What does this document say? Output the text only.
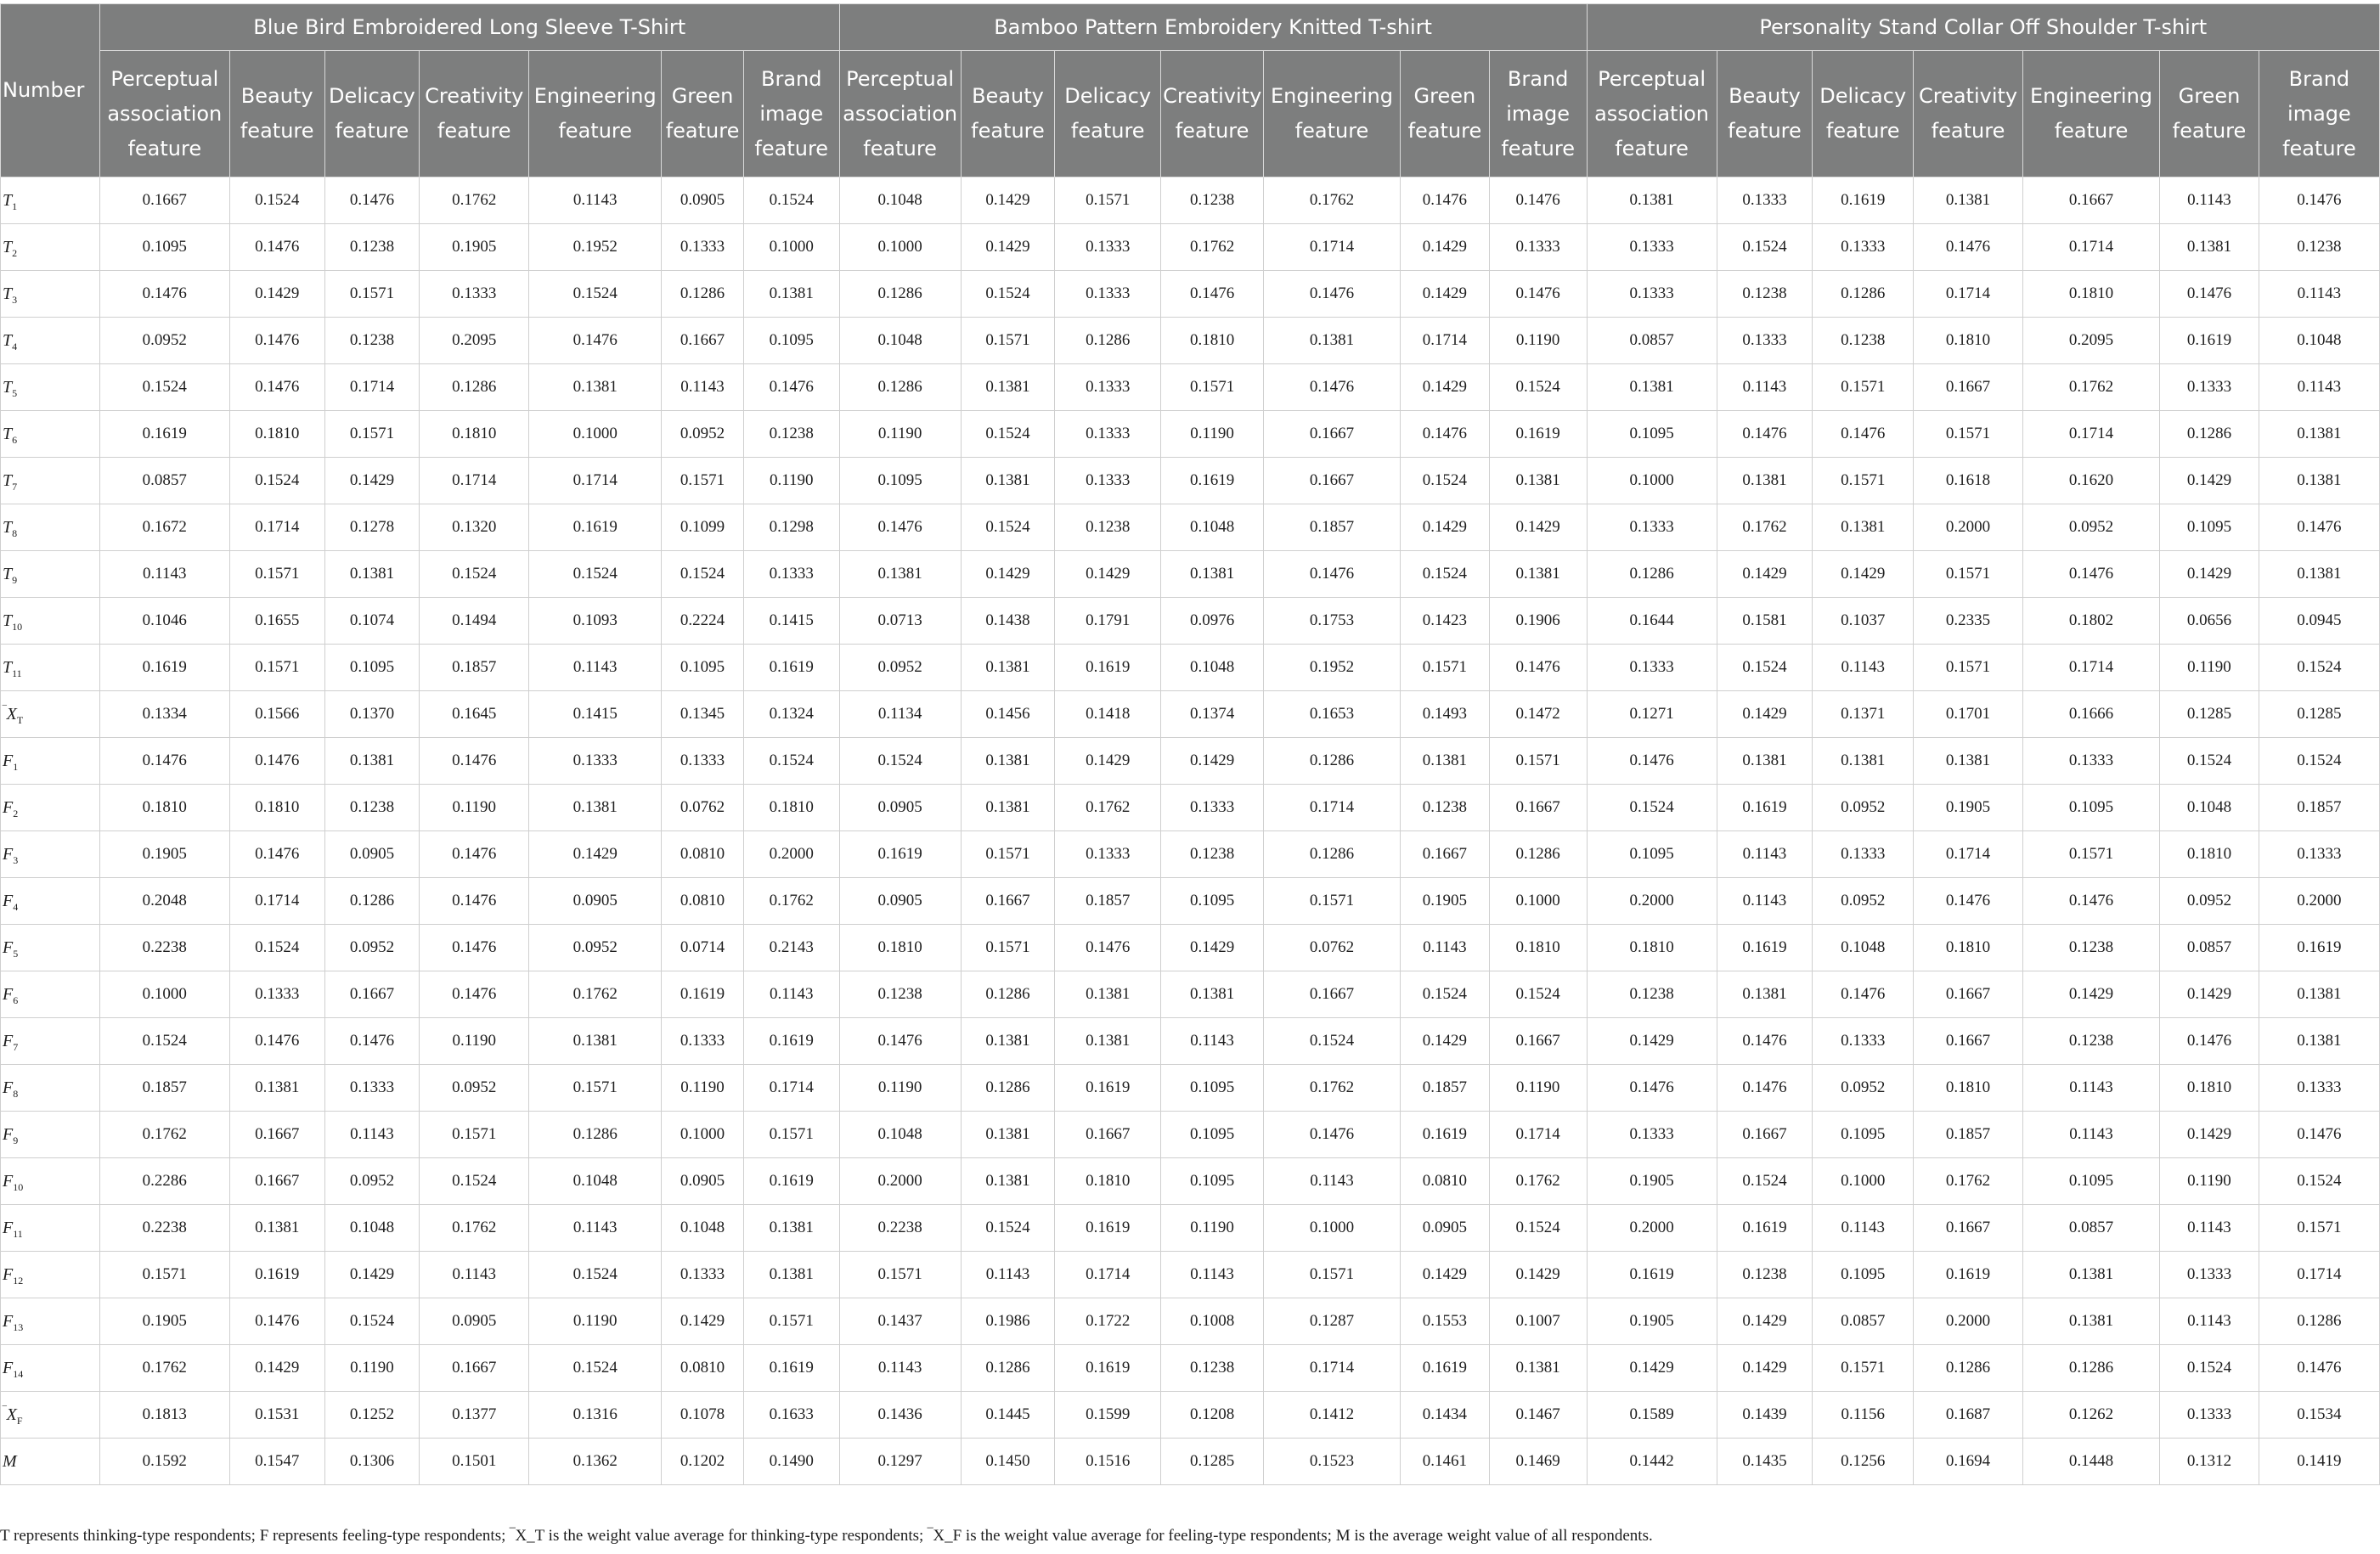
Number	Blue Bird Embroidered Long Sleeve T-Shirt							Bamboo Pattern Embroidery Knitted T-shirt							Personality Stand Collar Off Shoulder T-shirt						
	Perceptual association feature	Beauty feature	Delicacy feature	Creativity feature	Engineering feature	Green feature	Brand image feature	Perceptual association feature	Beauty feature	Delicacy feature	Creativity feature	Engineering feature	Green feature	Brand image feature	Perceptual association feature	Beauty feature	Delicacy feature	Creativity feature	Engineering feature	Green feature	Brand image feature
$T_1$	0.1667	0.1524	0.1476	0.1762	0.1143	0.0905	0.1524	0.1048	0.1429	0.1571	0.1238	0.1762	0.1476	0.1476	0.1381	0.1333	0.1619	0.1381	0.1667	0.1143	0.1476
$T_2$	0.1095	0.1476	0.1238	0.1905	0.1952	0.1333	0.1000	0.1000	0.1429	0.1333	0.1762	0.1714	0.1429	0.1333	0.1333	0.1524	0.1333	0.1476	0.1714	0.1381	0.1238
$T_3$	0.1476	0.1429	0.1571	0.1333	0.1524	0.1286	0.1381	0.1286	0.1524	0.1333	0.1476	0.1476	0.1429	0.1476	0.1333	0.1238	0.1286	0.1714	0.1810	0.1476	0.1143
$T_4$	0.0952	0.1476	0.1238	0.2095	0.1476	0.1667	0.1095	0.1048	0.1571	0.1286	0.1810	0.1381	0.1714	0.1190	0.0857	0.1333	0.1238	0.1810	0.2095	0.1619	0.1048
$T_5$	0.1524	0.1476	0.1714	0.1286	0.1381	0.1143	0.1476	0.1286	0.1381	0.1333	0.1571	0.1476	0.1429	0.1524	0.1381	0.1143	0.1571	0.1667	0.1762	0.1333	0.1143
$T_6$	0.1619	0.1810	0.1571	0.1810	0.1000	0.0952	0.1238	0.1190	0.1524	0.1333	0.1190	0.1667	0.1476	0.1619	0.1095	0.1476	0.1476	0.1571	0.1714	0.1286	0.1381
$T_7$	0.0857	0.1524	0.1429	0.1714	0.1714	0.1571	0.1190	0.1095	0.1381	0.1333	0.1619	0.1667	0.1524	0.1381	0.1000	0.1381	0.1571	0.1618	0.1620	0.1429	0.1381
$T_8$	0.1672	0.1714	0.1278	0.1320	0.1619	0.1099	0.1298	0.1476	0.1524	0.1238	0.1048	0.1857	0.1429	0.1429	0.1333	0.1762	0.1381	0.2000	0.0952	0.1095	0.1476
$T_9$	0.1143	0.1571	0.1381	0.1524	0.1524	0.1524	0.1333	0.1381	0.1429	0.1429	0.1381	0.1476	0.1524	0.1381	0.1286	0.1429	0.1429	0.1571	0.1476	0.1429	0.1381
$T_{10}$	0.1046	0.1655	0.1074	0.1494	0.1093	0.2224	0.1415	0.0713	0.1438	0.1791	0.0976	0.1753	0.1423	0.1906	0.1644	0.1581	0.1037	0.2335	0.1802	0.0656	0.0945
$T_{11}$	0.1619	0.1571	0.1095	0.1857	0.1143	0.1095	0.1619	0.0952	0.1381	0.1619	0.1048	0.1952	0.1571	0.1476	0.1333	0.1524	0.1143	0.1571	0.1714	0.1190	0.1524
$^‾X_T$	0.1334	0.1566	0.1370	0.1645	0.1415	0.1345	0.1324	0.1134	0.1456	0.1418	0.1374	0.1653	0.1493	0.1472	0.1271	0.1429	0.1371	0.1701	0.1666	0.1285	0.1285
$F_1$	0.1476	0.1476	0.1381	0.1476	0.1333	0.1333	0.1524	0.1524	0.1381	0.1429	0.1429	0.1286	0.1381	0.1571	0.1476	0.1381	0.1381	0.1381	0.1333	0.1524	0.1524
$F_2$	0.1810	0.1810	0.1238	0.1190	0.1381	0.0762	0.1810	0.0905	0.1381	0.1762	0.1333	0.1714	0.1238	0.1667	0.1524	0.1619	0.0952	0.1905	0.1095	0.1048	0.1857
$F_3$	0.1905	0.1476	0.0905	0.1476	0.1429	0.0810	0.2000	0.1619	0.1571	0.1333	0.1238	0.1286	0.1667	0.1286	0.1095	0.1143	0.1333	0.1714	0.1571	0.1810	0.1333
$F_4$	0.2048	0.1714	0.1286	0.1476	0.0905	0.0810	0.1762	0.0905	0.1667	0.1857	0.1095	0.1571	0.1905	0.1000	0.2000	0.1143	0.0952	0.1476	0.1476	0.0952	0.2000
$F_5$	0.2238	0.1524	0.0952	0.1476	0.0952	0.0714	0.2143	0.1810	0.1571	0.1476	0.1429	0.0762	0.1143	0.1810	0.1810	0.1619	0.1048	0.1810	0.1238	0.0857	0.1619
$F_6$	0.1000	0.1333	0.1667	0.1476	0.1762	0.1619	0.1143	0.1238	0.1286	0.1381	0.1381	0.1667	0.1524	0.1524	0.1238	0.1381	0.1476	0.1667	0.1429	0.1429	0.1381
$F_7$	0.1524	0.1476	0.1476	0.1190	0.1381	0.1333	0.1619	0.1476	0.1381	0.1381	0.1143	0.1524	0.1429	0.1667	0.1429	0.1476	0.1333	0.1667	0.1238	0.1476	0.1381
$F_8$	0.1857	0.1381	0.1333	0.0952	0.1571	0.1190	0.1714	0.1190	0.1286	0.1619	0.1095	0.1762	0.1857	0.1190	0.1476	0.1476	0.0952	0.1810	0.1143	0.1810	0.1333
$F_9$	0.1762	0.1667	0.1143	0.1571	0.1286	0.1000	0.1571	0.1048	0.1381	0.1667	0.1095	0.1476	0.1619	0.1714	0.1333	0.1667	0.1095	0.1857	0.1143	0.1429	0.1476
$F_{10}$	0.2286	0.1667	0.0952	0.1524	0.1048	0.0905	0.1619	0.2000	0.1381	0.1810	0.1095	0.1143	0.0810	0.1762	0.1905	0.1524	0.1000	0.1762	0.1095	0.1190	0.1524
$F_{11}$	0.2238	0.1381	0.1048	0.1762	0.1143	0.1048	0.1381	0.2238	0.1524	0.1619	0.1190	0.1000	0.0905	0.1524	0.2000	0.1619	0.1143	0.1667	0.0857	0.1143	0.1571
$F_{12}$	0.1571	0.1619	0.1429	0.1143	0.1524	0.1333	0.1381	0.1571	0.1143	0.1714	0.1143	0.1571	0.1429	0.1429	0.1619	0.1238	0.1095	0.1619	0.1381	0.1333	0.1714
$F_{13}$	0.1905	0.1476	0.1524	0.0905	0.1190	0.1429	0.1571	0.1437	0.1986	0.1722	0.1008	0.1287	0.1553	0.1007	0.1905	0.1429	0.0857	0.2000	0.1381	0.1143	0.1286
$F_{14}$	0.1762	0.1429	0.1190	0.1667	0.1524	0.0810	0.1619	0.1143	0.1286	0.1619	0.1238	0.1714	0.1619	0.1381	0.1429	0.1429	0.1571	0.1286	0.1286	0.1524	0.1476
$^‾X_F$	0.1813	0.1531	0.1252	0.1377	0.1316	0.1078	0.1633	0.1436	0.1445	0.1599	0.1208	0.1412	0.1434	0.1467	0.1589	0.1439	0.1156	0.1687	0.1262	0.1333	0.1534
M	0.1592	0.1547	0.1306	0.1501	0.1362	0.1202	0.1490	0.1297	0.1450	0.1516	0.1285	0.1523	0.1461	0.1469	0.1442	0.1435	0.1256	0.1694	0.1448	0.1312	0.1419
T represents thinking-type respondents; F represents feeling-type respondents; ‾X_T is the weight value average for thinking-type respondents; ‾X_F is the weight value average for feeling-type respondents; M is the average weight value of all respondents.
